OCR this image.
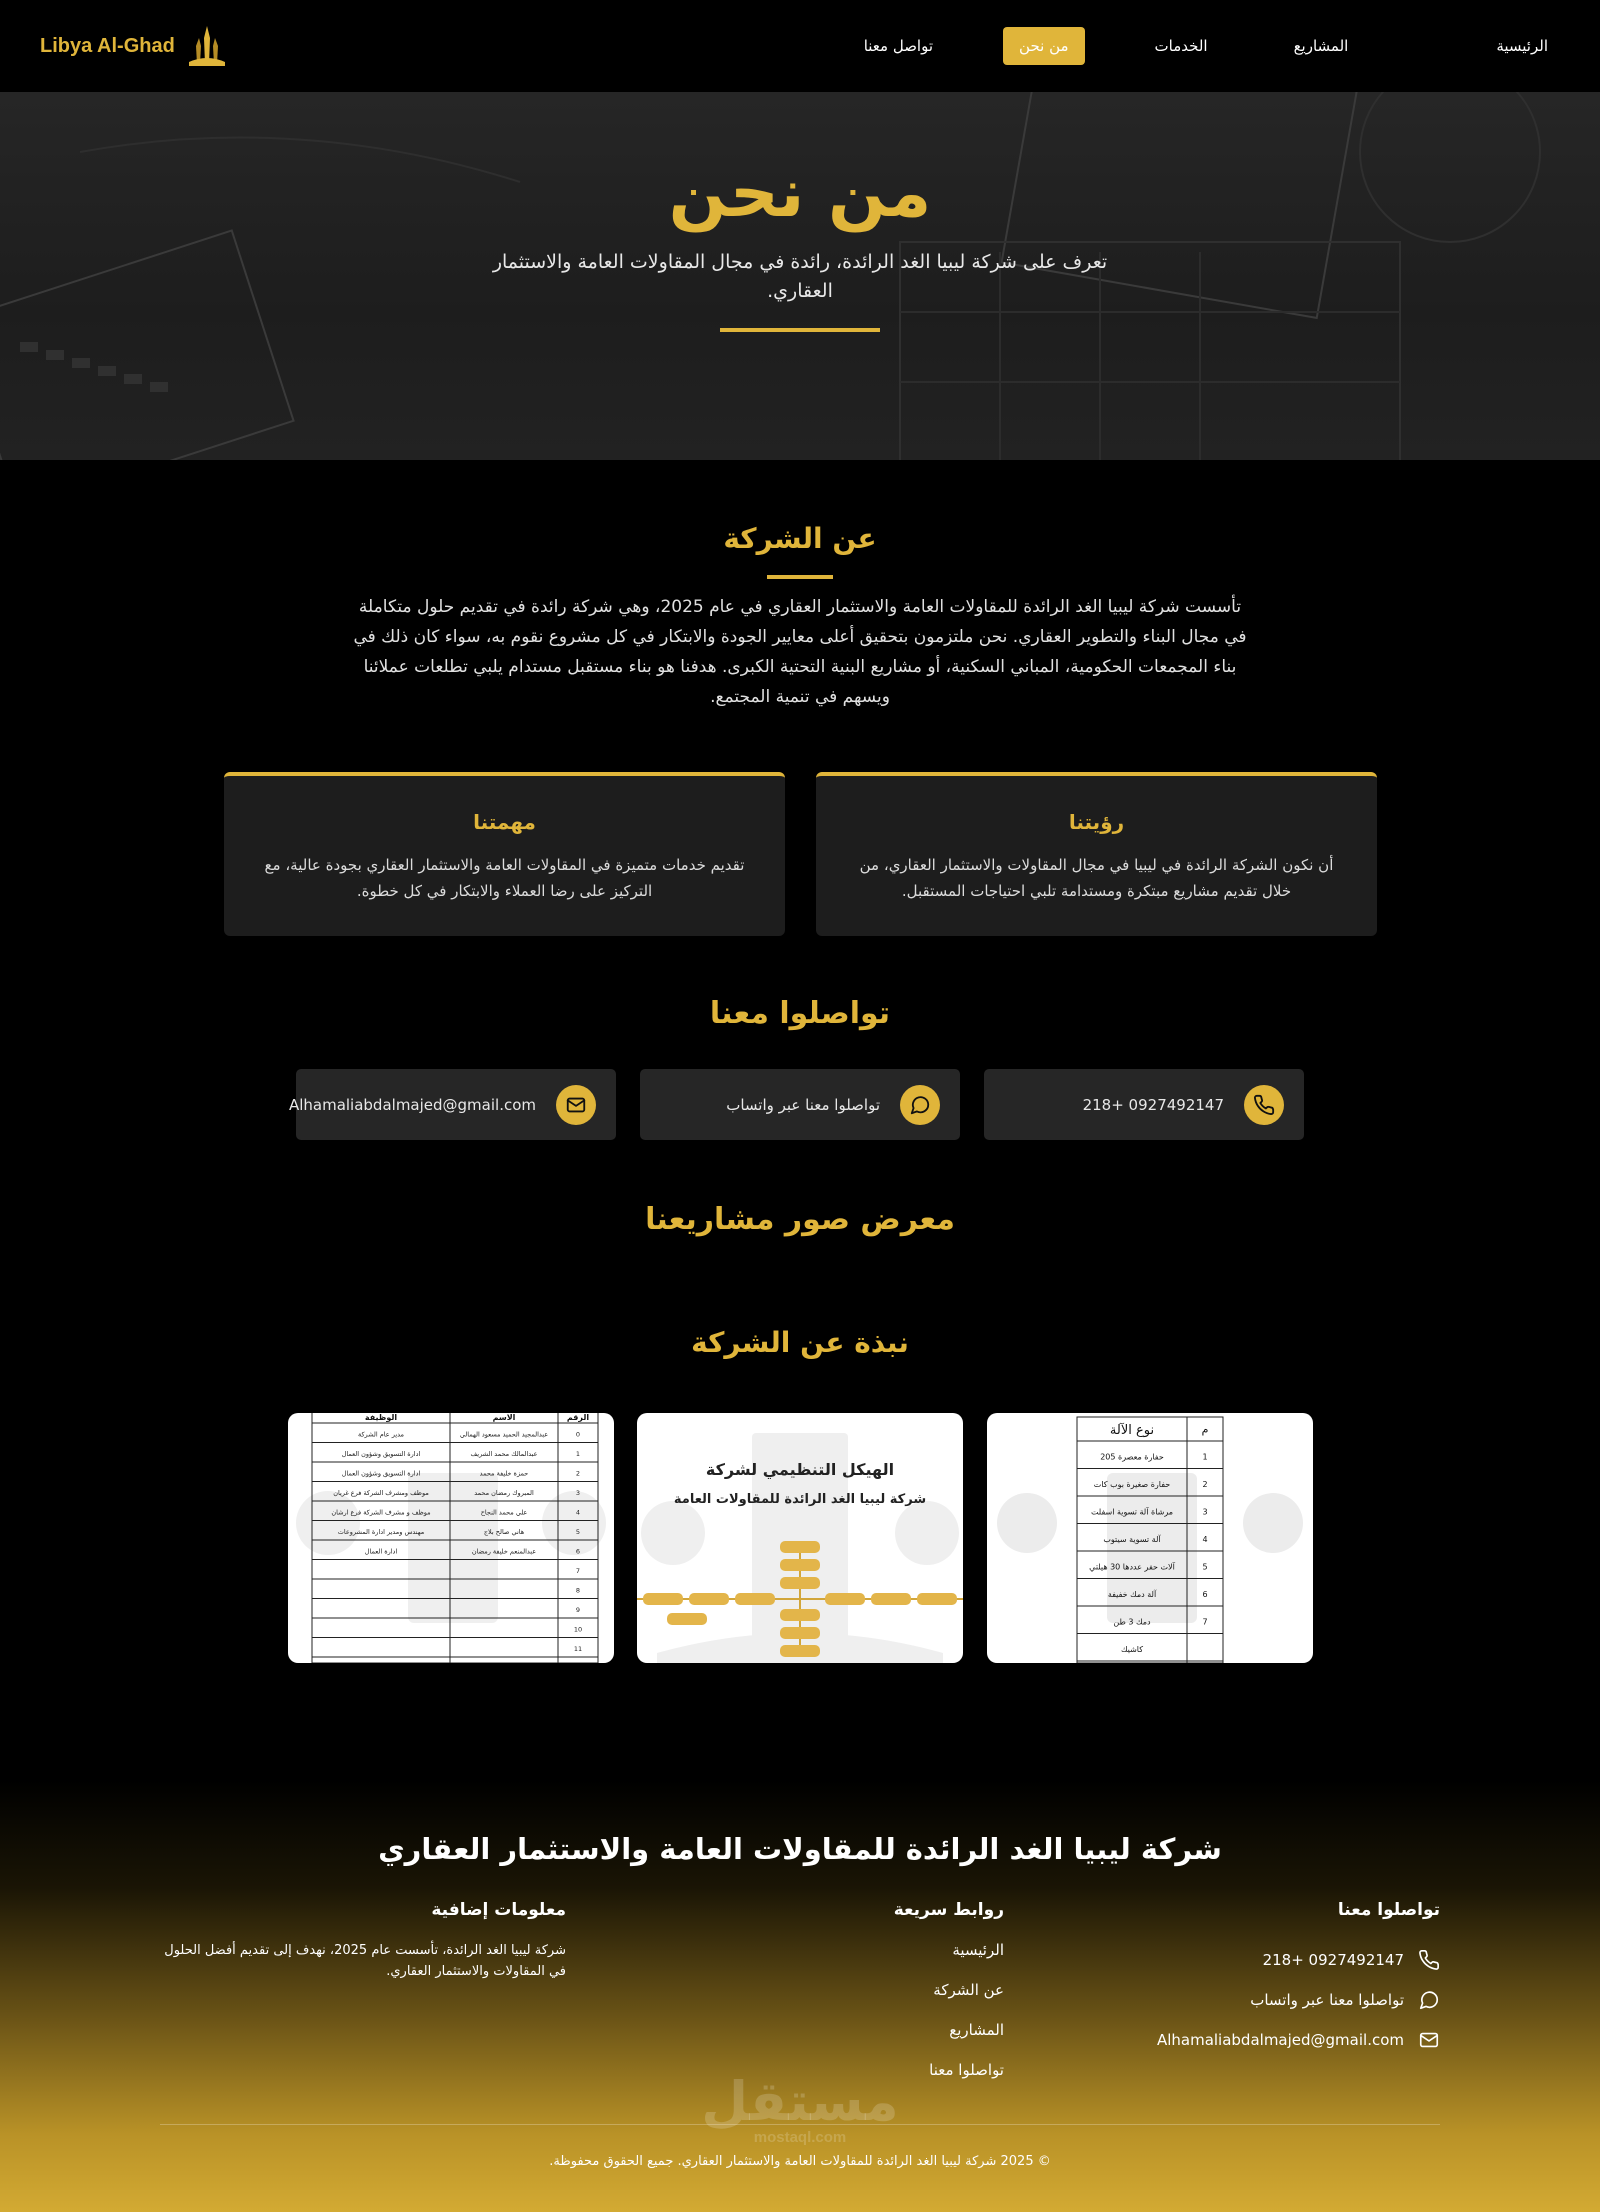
الرئيسية
المشاريع
الخدمات
من نحن
تواصل معنا
Libya Al-Ghad
من نحن

تعرف على شركة ليبيا الغد الرائدة، رائدة في مجال المقاولات العامة والاستثمار العقاري.

عن الشركة

تأسست شركة ليبيا الغد الرائدة للمقاولات العامة والاستثمار العقاري في عام 2025، وهي شركة رائدة في تقديم حلول متكاملة في مجال البناء والتطوير العقاري. نحن ملتزمون بتحقيق أعلى معايير الجودة والابتكار في كل مشروع نقوم به، سواء كان ذلك في بناء المجمعات الحكومية، المباني السكنية، أو مشاريع البنية التحتية الكبرى. هدفنا هو بناء مستقبل مستدام يلبي تطلعات عملائنا ويسهم في تنمية المجتمع.

رؤيتنا

أن نكون الشركة الرائدة في ليبيا في مجال المقاولات والاستثمار العقاري، من خلال تقديم مشاريع مبتكرة ومستدامة تلبي احتياجات المستقبل.

مهمتنا

تقديم خدمات متميزة في المقاولات العامة والاستثمار العقاري بجودة عالية، مع التركيز على رضا العملاء والابتكار في كل خطوة.

تواصلوا معنا
218+ 0927492147
تواصلوا معنا عبر واتساب
Alhamaliabdalmajed@gmail.com
معرض صور مشاريعنا
نبذة عن الشركة
1
حفارة معصرة 205
2
حفارة صغيرة بوب كات
3
مرشاة آلة تسوية اسفلت
4
آلة تسوية سيتوب
5
آلات حفر عددها 30 هيلتي
6
آلة دمك خفيفة
7
دمك 3 طن
كاشيك
م
نوع الآلة
الهيكل التنظيمي لشركة
شركة ليبيا الغد الرائدة للمقاولات العامة
0
عبدالمجيد الحميد مسعود الهمالي
مدير عام الشركة
1
عبدالمالك محمد الشريف
ادارة التسويق وشؤون العمال
2
حمزة خليفة محمد
ادارة التسويق وشؤون العمال
3
المبروك رمضان محمد
موظف ومشرف الشركة فرع غريان
4
علي محمد النجاح
موظف و مشرف الشركة فرع ارشان
5
هاني صالح بلاج
مهندس ومدير ادارة المشروعات
6
عبدالمنعم خليفة رمضان
ادارة العمال
7
8
9
10
11
الرقم
الاسم
الوظيفة
شركة ليبيا الغد الرائدة للمقاولات العامة والاستثمار العقاري
تواصلوا معنا
218+ 0927492147
تواصلوا معنا عبر واتساب
Alhamaliabdalmajed@gmail.com
روابط سريعة
الرئيسية
عن الشركة
المشاريع
تواصلوا معنا
معلومات إضافية

شركة ليبيا الغد الرائدة، تأسست عام 2025، نهدف إلى تقديم أفضل الحلول في المقاولات والاستثمار العقاري.

مستقل
mostaql.com

© 2025 شركة ليبيا الغد الرائدة للمقاولات العامة والاستثمار العقاري. جميع الحقوق محفوظة.
